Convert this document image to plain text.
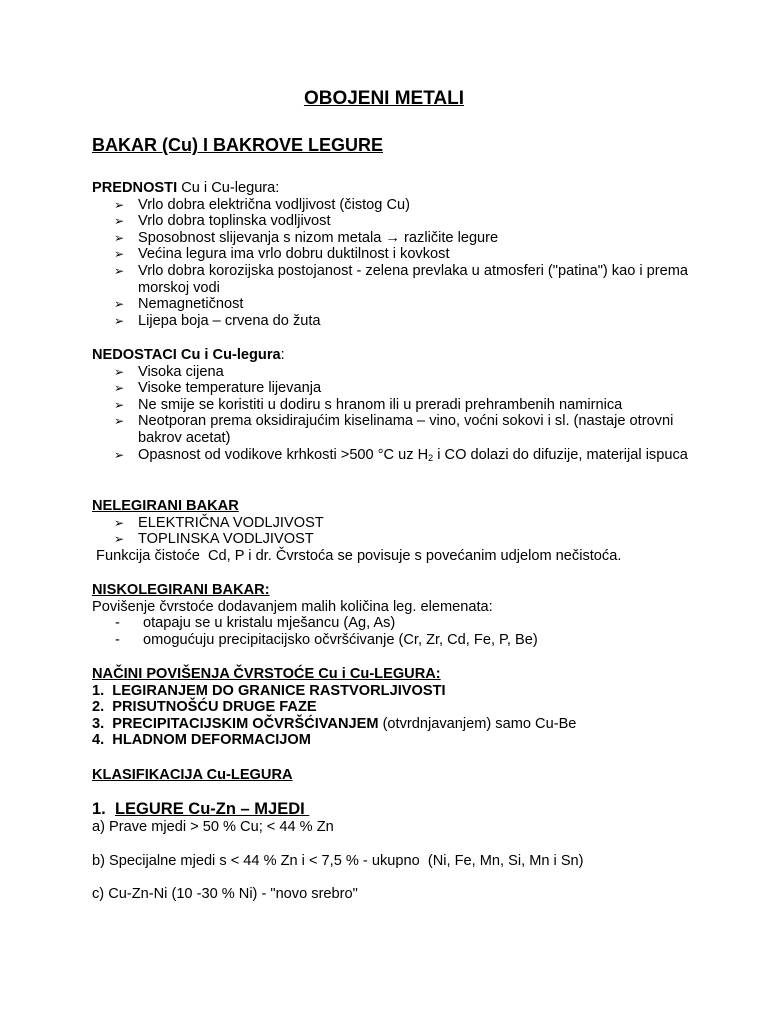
OBOJENI METALI
BAKAR (Cu) I BAKROVE LEGURE
PREDNOSTI Cu i Cu-legura:
➢ Vrlo dobra električna vodljivost (čistog Cu)
➢ Vrlo dobra toplinska vodljivost
➢ Sposobnost slijevanja s nizom metala → različite legure
➢ Većina legura ima vrlo dobru duktilnost i kovkost
➢ Vrlo dobra korozijska postojanost - zelena prevlaka u atmosferi ("patina") kao i prema morskoj vodi
➢ Nemagnetičnost
➢ Lijepa boja – crvena do žuta
NEDOSTACI Cu i Cu-legura:
➢ Visoka cijena
➢ Visoke temperature lijevanja
➢ Ne smije se koristiti u dodiru s hranom ili u preradi prehrambenih namirnica
➢ Neotporan prema oksidirajućim kiselinama – vino, voćni sokovi i sl. (nastaje otrovni bakrov acetat)
➢ Opasnost od vodikove krhkosti >500 °C uz $H_2$ i CO dolazi do difuzije, materijal ispuca
NELEGIRANI BAKAR
➢ ELEKTRIČNA VODLJIVOST
➢ TOPLINSKA VODLJIVOST
Funkcija čistoće  Cd, P i dr. Čvrstoća se povisuje s povećanim udjelom nečistoća.
NISKOLEGIRANI BAKAR:
Povišenje čvrstoće dodavanjem malih količina leg. elemenata:
- otapaju se u kristalu mješancu (Ag, As)
- omogućuju precipitacijsko očvršćivanje (Cr, Zr, Cd, Fe, P, Be)
NAČINI POVIŠENJA ČVRSTOĆE Cu i Cu-LEGURA:
1.  LEGIRANJEM DO GRANICE RASTVORLJIVOSTI
2.  PRISUTNOŠĆU DRUGE FAZE
3.  PRECIPITACIJSKIM OČVRŠĆIVANJEM (otvrdnjavanjem) samo Cu-Be
4.  HLADNOM DEFORMACIJOM
KLASIFIKACIJA Cu-LEGURA
1.  LEGURE Cu-Zn – MJEDI
a) Prave mjedi > 50 % Cu; < 44 % Zn
b) Specijalne mjedi s < 44 % Zn i < 7,5 % - ukupno  (Ni, Fe, Mn, Si, Mn i Sn)
c) Cu-Zn-Ni (10 -30 % Ni) - "novo srebro"
